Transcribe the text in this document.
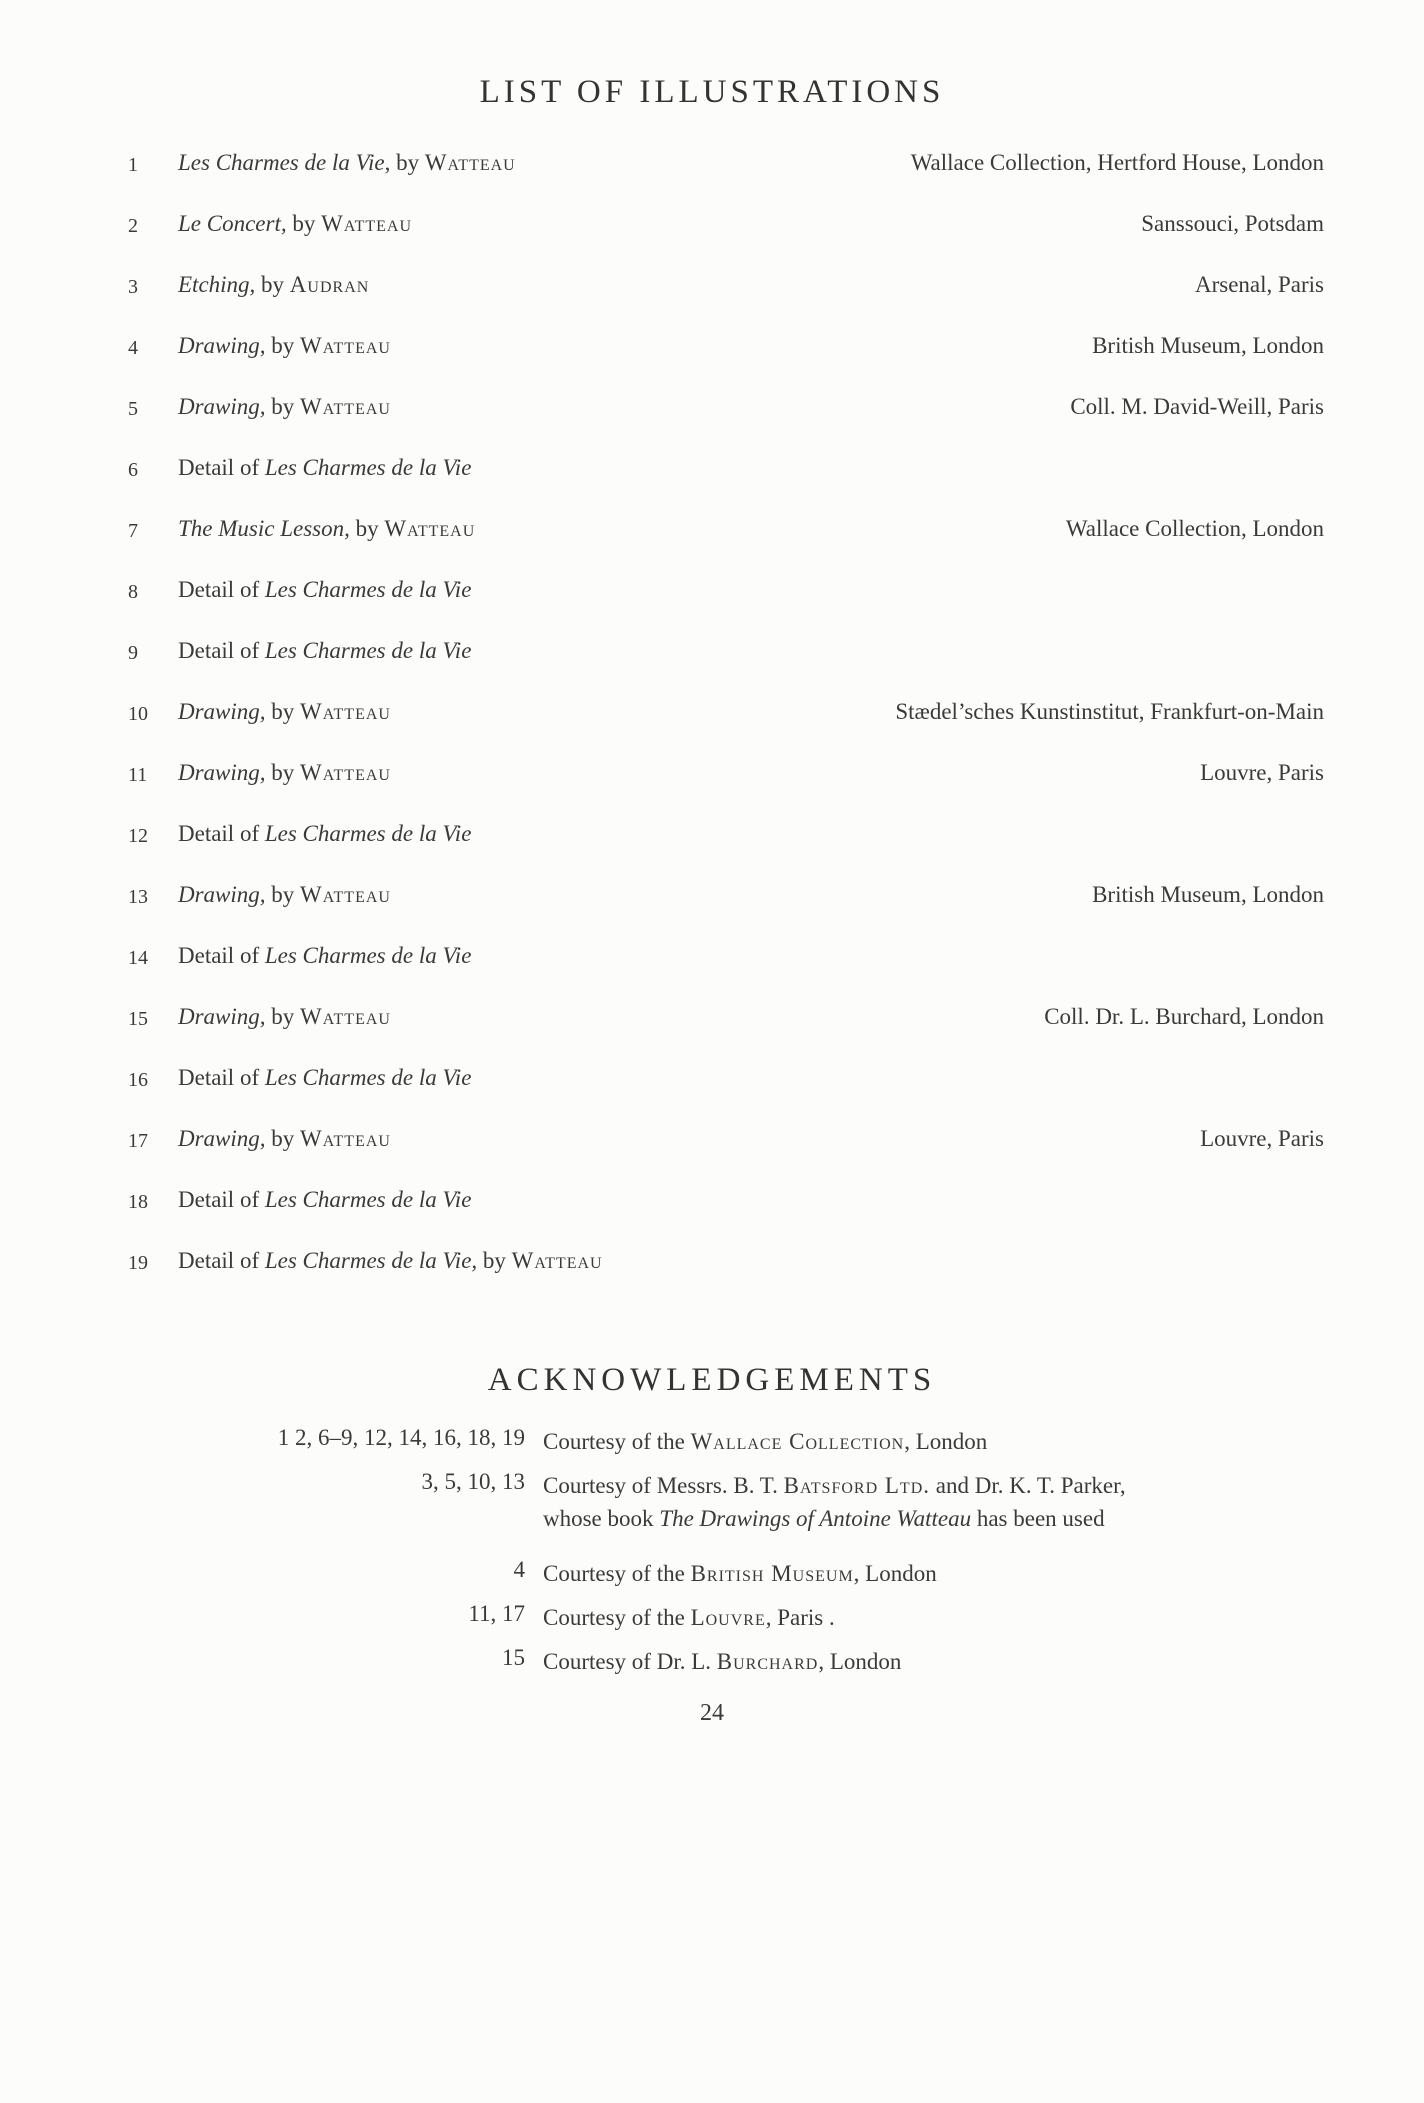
LIST OF ILLUSTRATIONS
1	Les Charmes de la Vie, by Watteau	Wallace Collection, Hertford House, London
2	Le Concert, by Watteau	Sanssouci, Potsdam
3	Etching, by Audran	Arsenal, Paris
4	Drawing, by Watteau	British Museum, London
5	Drawing, by Watteau	Coll. M. David-Weill, Paris
6	Detail of Les Charmes de la Vie
7	The Music Lesson, by Watteau	Wallace Collection, London
8	Detail of Les Charmes de la Vie
9	Detail of Les Charmes de la Vie
10	Drawing, by Watteau	Stædel’sches Kunstinstitut, Frankfurt-on-Main
11	Drawing, by Watteau	Louvre, Paris
12	Detail of Les Charmes de la Vie
13	Drawing, by Watteau	British Museum, London
14	Detail of Les Charmes de la Vie
15	Drawing, by Watteau	Coll. Dr. L. Burchard, London
16	Detail of Les Charmes de la Vie
17	Drawing, by Watteau	Louvre, Paris
18	Detail of Les Charmes de la Vie
19	Detail of Les Charmes de la Vie, by Watteau
ACKNOWLEDGEMENTS
1 2, 6–9, 12, 14, 16, 18, 19 Courtesy of the Wallace Collection, London
3, 5, 10, 13 Courtesy of Messrs. B. T. Batsford Ltd. and Dr. K. T. Parker,
whose book The Drawings of Antoine Watteau has been used
4 Courtesy of the British Museum, London
11, 17 Courtesy of the Louvre, Paris .
15 Courtesy of Dr. L. Burchard, London
24
